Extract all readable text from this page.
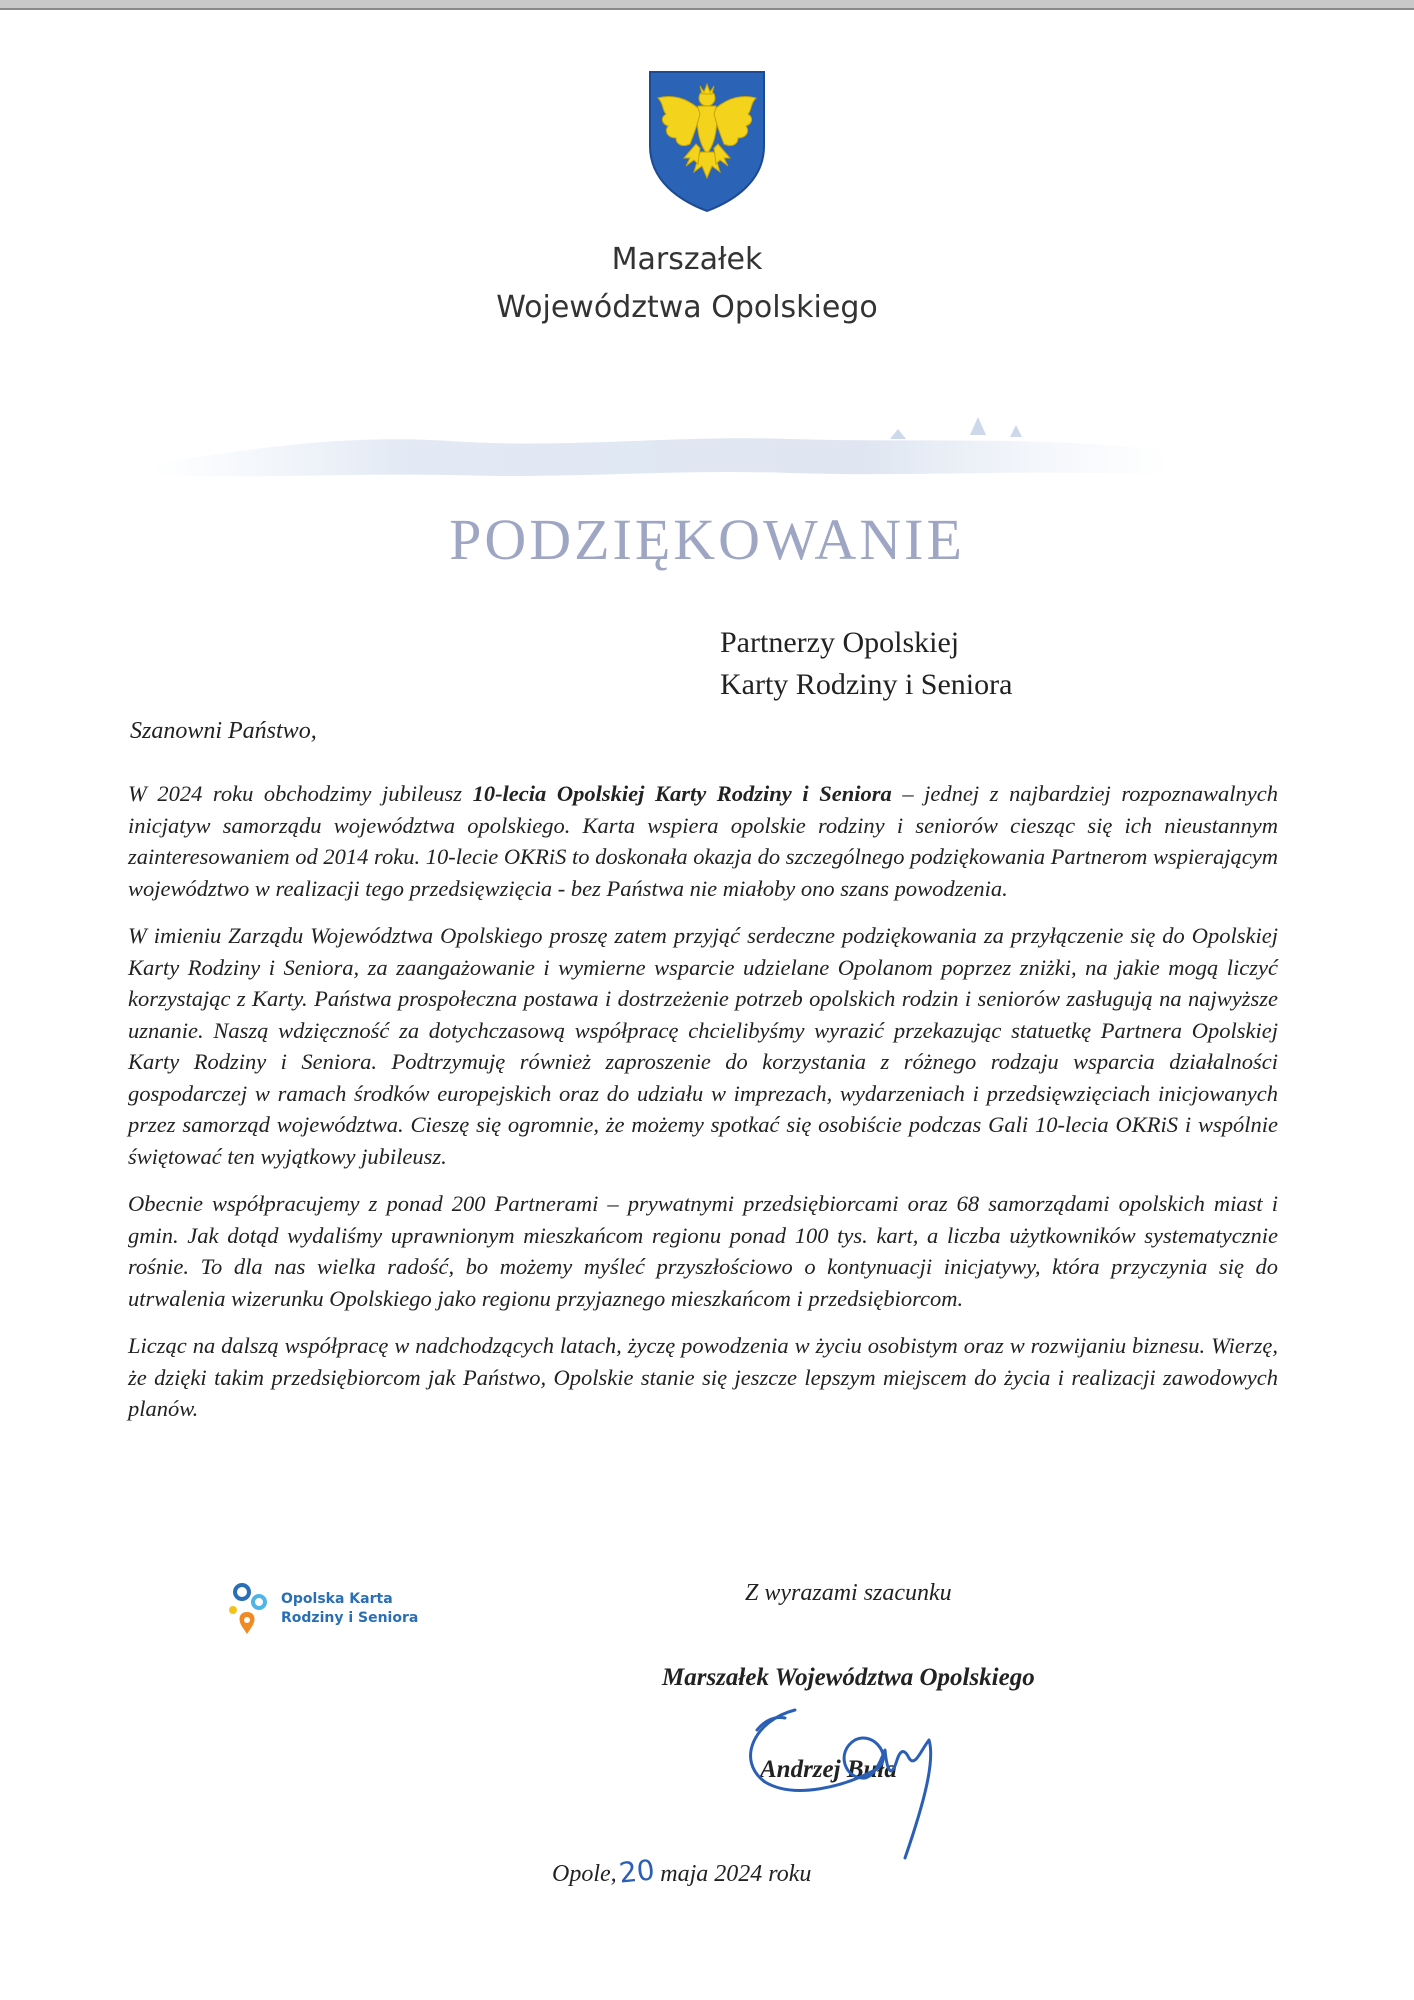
Marszałek
Województwa Opolskiego
PODZIĘKOWANIE
Partnerzy Opolskiej
Karty Rodziny i Seniora
Szanowni Państwo,

W 2024 roku obchodzimy jubileusz 10-lecia Opolskiej Karty Rodziny i Seniora – jednej z najbardziej rozpoznawalnych inicjatyw samorządu województwa opolskiego. Karta wspiera opolskie rodziny i seniorów ciesząc się ich nieustannym zainteresowaniem od 2014 roku. 10-lecie OKRiS to doskonała okazja do szczególnego podziękowania Partnerom wspierającym województwo w realizacji tego przedsięwzięcia - bez Państwa nie miałoby ono szans powodzenia.

W imieniu Zarządu Województwa Opolskiego proszę zatem przyjąć serdeczne podziękowania za przyłączenie się do Opolskiej Karty Rodziny i Seniora, za zaangażowanie i wymierne wsparcie udzielane Opolanom poprzez zniżki, na jakie mogą liczyć korzystając z Karty. Państwa prospołeczna postawa i dostrzeżenie potrzeb opolskich rodzin i seniorów zasługują na najwyższe uznanie. Naszą wdzięczność za dotychczasową współpracę chcielibyśmy wyrazić przekazując statuetkę Partnera Opolskiej Karty Rodziny i Seniora. Podtrzymuję również zaproszenie do korzystania z różnego rodzaju wsparcia działalności gospodarczej w ramach środków europejskich oraz do udziału w imprezach, wydarzeniach i przedsięwzięciach inicjowanych przez samorząd województwa. Cieszę się ogromnie, że możemy spotkać się osobiście podczas Gali 10-lecia OKRiS i wspólnie świętować ten wyjątkowy jubileusz.

Obecnie współpracujemy z ponad 200 Partnerami – prywatnymi przedsiębiorcami oraz 68 samorządami opolskich miast i gmin. Jak dotąd wydaliśmy uprawnionym mieszkańcom regionu ponad 100 tys. kart, a liczba użytkowników systematycznie rośnie. To dla nas wielka radość, bo możemy myśleć przyszłościowo o kontynuacji inicjatywy, która przyczynia się do utrwalenia wizerunku Opolskiego jako regionu przyjaznego mieszkańcom i przedsiębiorcom.

Licząc na dalszą współpracę w nadchodzących latach, życzę powodzenia w życiu osobistym oraz w rozwijaniu biznesu. Wierzę, że dzięki takim przedsiębiorcom jak Państwo, Opolskie stanie się jeszcze lepszym miejscem do życia i realizacji zawodowych planów.

Opolska Karta
Rodziny i Seniora
Z wyrazami szacunku
Marszałek Województwa Opolskiego
Andrzej Buła
Opole,20 maja 2024 roku
